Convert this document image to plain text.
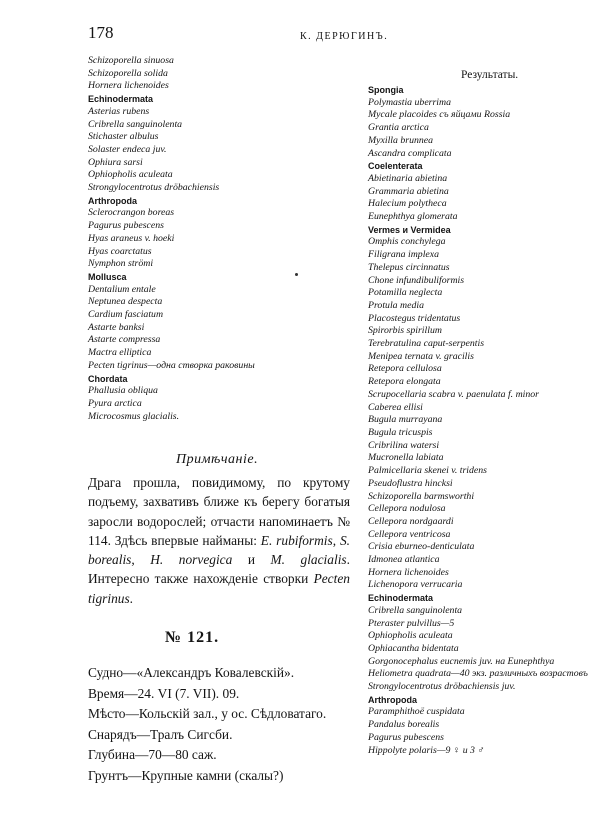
178	К. ДЕРЮГИНЪ.
Schizoporella sinuosa
Schizoporella solida
Hornera lichenoides
Echinodermata
Asterias rubens
Cribrella sanguinolenta
Stichaster albulus
Solaster endeca juv.
Ophiura sarsi
Ophiopholis aculeata
Strongylocentrotus dröbachiensis
Arthropoda
Sclerocrangon boreas
Pagurus pubescens
Hyas araneus v. hoeki
Hyas coarctatus
Nymphon strömi
Mollusca
Dentalium entale
Neptunea despecta
Cardium fasciatum
Astarte banksi
Astarte compressa
Mactra elliptica
Pecten tigrinus—одна створка раковины
Chordata
Phallusia obliqua
Pyura arctica
Microcosmus glacialis.
Результаты.
Spongia
Polymastia uberrima
Mycale placoides съ яйцами Rossia
Grantia arctica
Myxilla brunnea
Ascandra complicata
Coelenterata
Abietinaria abietina
Grammaria abietina
Halecium polytheca
Eunephthya glomerata
Vermes и Vermidea
Omphis conchylega
Filigrana implexa
Thelepus circinnatus
Chone infundibuliformis
Potamilla neglecta
Protula media
Placostegus tridentatus
Spirorbis spirillum
Terebratulina caput-serpentis
Menipea ternata v. gracilis
Retepora cellulosa
Retepora elongata
Scrupocellaria scabra v. paenulata f. minor
Caberea ellisi
Bugula murrayana
Bugula tricuspis
Cribrilina watersi
Mucronella labiata
Palmicellaria skenei v. tridens
Pseudoflustra hincksi
Schizoporella barmsworthi
Cellepora nodulosa
Cellepora nordgaardi
Cellepora ventricosa
Crisia eburneo-denticulata
Idmonea atlantica
Hornera lichenoides
Lichenopora verrucaria
Echinodermata
Cribrella sanguinolenta
Pteraster pulvillus—5
Ophiopholis aculeata
Ophiacantha bidentata
Gorgonocephalus eucnemis juv. на Eunephthya
Heliometra quadrata—40 экз. различныхъ возрастовъ
Strongylocentrotus dröbachiensis juv.
Arthropoda
Paramphithoë cuspidata
Pandalus borealis
Pagurus pubescens
Hippolyte polaris—9 ♀ и 3 ♂
Примѣчаніе.
Драга прошла, повидимому, по крутому подъему, захвативъ ближе къ берегу богатыя заросли водорослей; отчасти напоминаетъ № 114. Здѣсь впервые найманы: E. rubiformis, S. borealis, H. norvegica и M. glacialis. Интересно также нахожденіе створки Pecten tigrinus.
№ 121.
Судно—«Александръ Ковалевскій».
Время—24. VI (7. VII). 09.
Мѣсто—Кольскій зал., у ос. Сѣдловатаго.
Снарядъ—Тралъ Сигсби.
Глубина—70—80 саж.
Грунтъ—Крупные камни (скалы?)
